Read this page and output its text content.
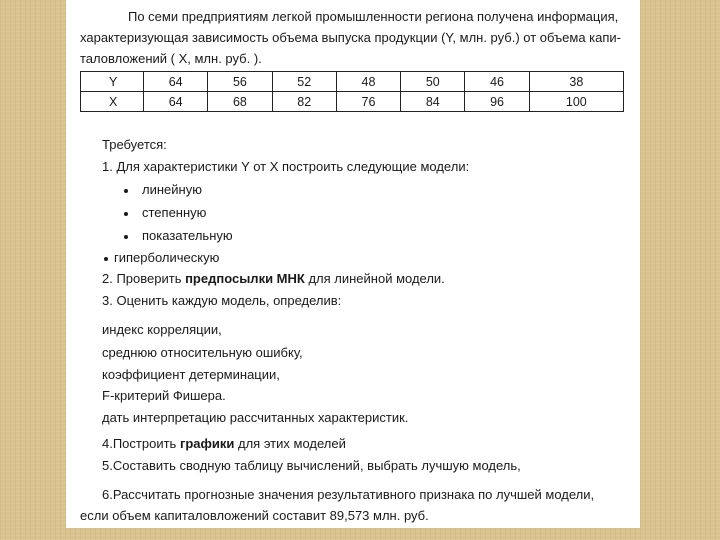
По семи предприятиям легкой промышленности региона получена информация, характеризующая зависимость объема выпуска продукции (Y, млн. руб.) от объема капи-таловложений ( X, млн. руб. ).

Y	64	56	52	48	50	46	38
X	64	68	82	76	84	96	100

Требуется:

1. Для характеристики Y от X построить следующие модели:

линейную

степенную

показательную

гиперболическую

2. Проверить предпосылки МНК для линейной модели.

3. Оценить каждую модель, определив:

индекс корреляции,

среднюю относительную ошибку,

коэффициент детерминации,

F-критерий Фишера.

дать интерпретацию рассчитанных характеристик.

4.Построить графики для этих моделей

5.Составить сводную таблицу вычислений, выбрать лучшую модель,

6.Рассчитать прогнозные значения результативного признака по лучшей модели,

если объем капиталовложений составит 89,573 млн. руб.
